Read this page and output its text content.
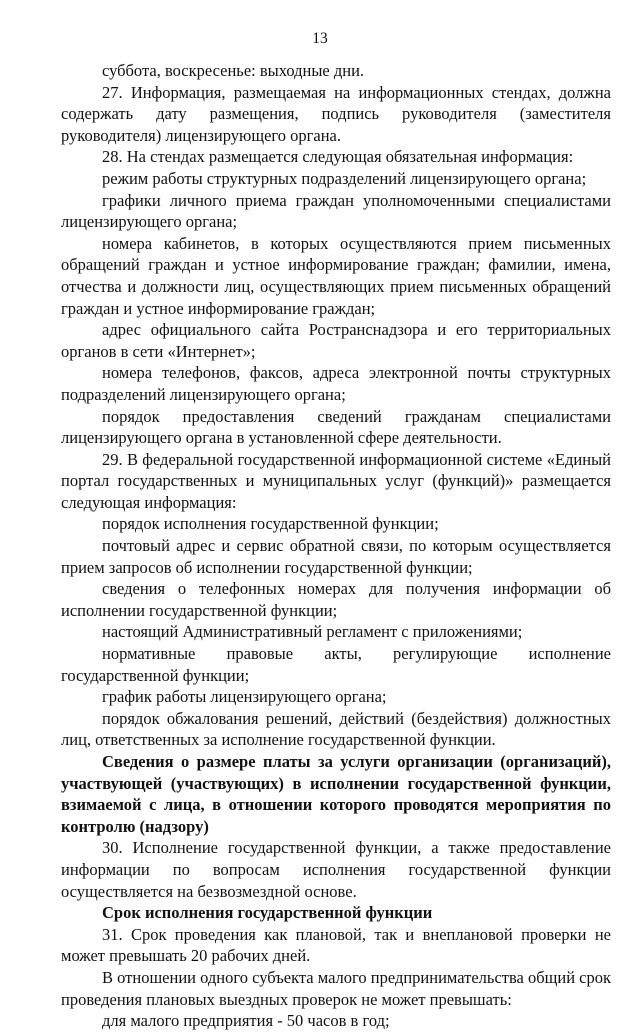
13

суббота, воскресенье: выходные дни.

27. Информация, размещаемая на информационных стендах, должна содержать дату размещения, подпись руководителя (заместителя руководителя) лицензирующего органа.

28. На стендах размещается следующая обязательная информация:

режим работы структурных подразделений лицензирующего органа;

графики личного приема граждан уполномоченными специалистами лицензирующего органа;

номера кабинетов, в которых осуществляются прием письменных обращений граждан и устное информирование граждан; фамилии, имена, отчества и должности лиц, осуществляющих прием письменных обращений граждан и устное информирование граждан;

адрес официального сайта Ространснадзора и его территориальных органов в сети «Интернет»;

номера телефонов, факсов, адреса электронной почты структурных подразделений лицензирующего органа;

порядок предоставления сведений гражданам специалистами лицензирующего органа в установленной сфере деятельности.

29. В федеральной государственной информационной системе «Единый портал государственных и муниципальных услуг (функций)» размещается следующая информация:

порядок исполнения государственной функции;

почтовый адрес и сервис обратной связи, по которым осуществляется прием запросов об исполнении государственной функции;

сведения о телефонных номерах для получения информации об исполнении государственной функции;

настоящий Административный регламент с приложениями;

нормативные правовые акты, регулирующие исполнение государственной функции;

график работы лицензирующего органа;

порядок обжалования решений, действий (бездействия) должностных лиц, ответственных за исполнение государственной функции.

Сведения о размере платы за услуги организации (организаций), участвующей (участвующих) в исполнении государственной функции, взимаемой с лица, в отношении которого проводятся мероприятия по контролю (надзору)

30. Исполнение государственной функции, а также предоставление информации по вопросам исполнения государственной функции осуществляется на безвозмездной основе.

Срок исполнения государственной функции

31. Срок проведения как плановой, так и внеплановой проверки не может превышать 20 рабочих дней.

В отношении одного субъекта малого предпринимательства общий срок проведения плановых выездных проверок не может превышать:

для малого предприятия - 50 часов в год;
